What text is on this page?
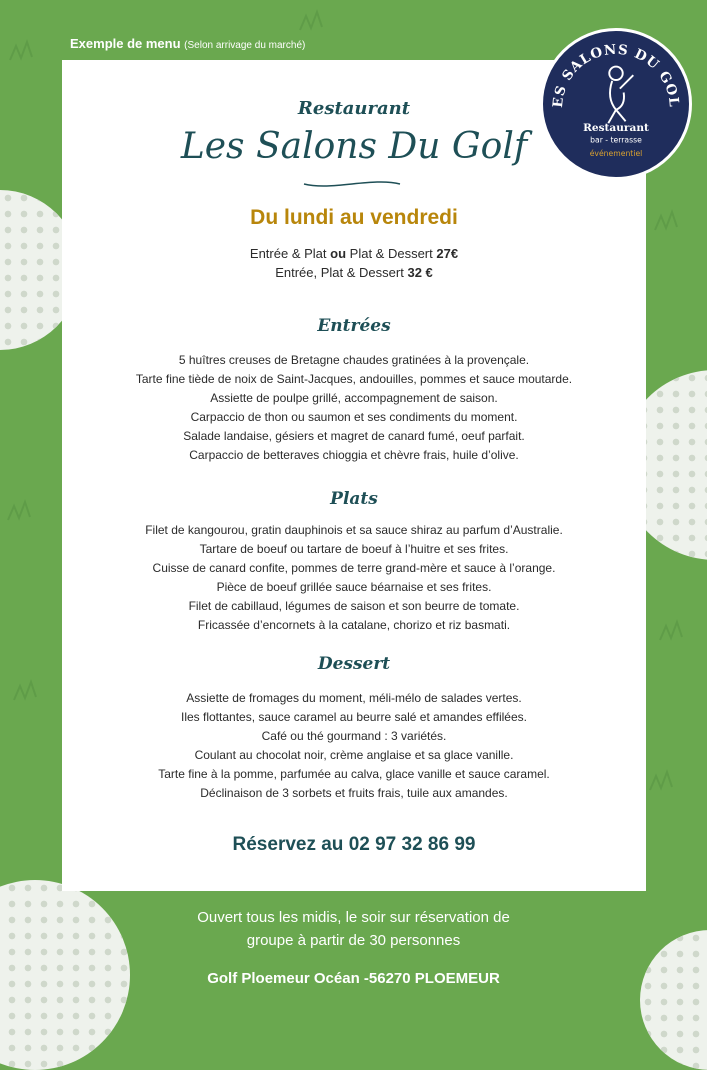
Exemple de menu (Selon arrivage du marché)
ES SALONS DU GOL
Restaurant
bar - terrasse
événementiel
Restaurant
Les Salons Du Golf
Du lundi au vendredi
Entrée & Plat ou Plat & Dessert 27€
Entrée, Plat & Dessert 32 €
Entrées
5 huîtres creuses de Bretagne chaudes gratinées à la provençale.
Tarte fine tiède de noix de Saint-Jacques, andouilles, pommes et sauce moutarde.
Assiette de poulpe grillé, accompagnement de saison.
Carpaccio de thon ou saumon et ses condiments du moment.
Salade landaise, gésiers et magret de canard fumé, oeuf parfait.
Carpaccio de betteraves chioggia et chèvre frais, huile d’olive.
Plats
Filet de kangourou, gratin dauphinois et sa sauce shiraz au parfum d’Australie.
Tartare de boeuf ou tartare de boeuf à l’huitre et ses frites.
Cuisse de canard confite, pommes de terre grand-mère et sauce à l’orange.
Pièce de boeuf grillée sauce béarnaise et ses frites.
Filet de cabillaud, légumes de saison et son beurre de tomate.
Fricassée d’encornets à la catalane, chorizo et riz basmati.
Dessert
Assiette de fromages du moment, méli-mélo de salades vertes.
Iles flottantes, sauce caramel au beurre salé et amandes effilées.
Café ou thé gourmand : 3 variétés.
Coulant au chocolat noir, crème anglaise et sa glace vanille.
Tarte fine à la pomme, parfumée au calva, glace vanille et sauce caramel.
Déclinaison de 3 sorbets et fruits frais, tuile aux amandes.
Réservez au 02 97 32 86 99
Ouvert tous les midis, le soir sur réservation de
groupe à partir de 30 personnes
Golf Ploemeur Océan -56270 PLOEMEUR
